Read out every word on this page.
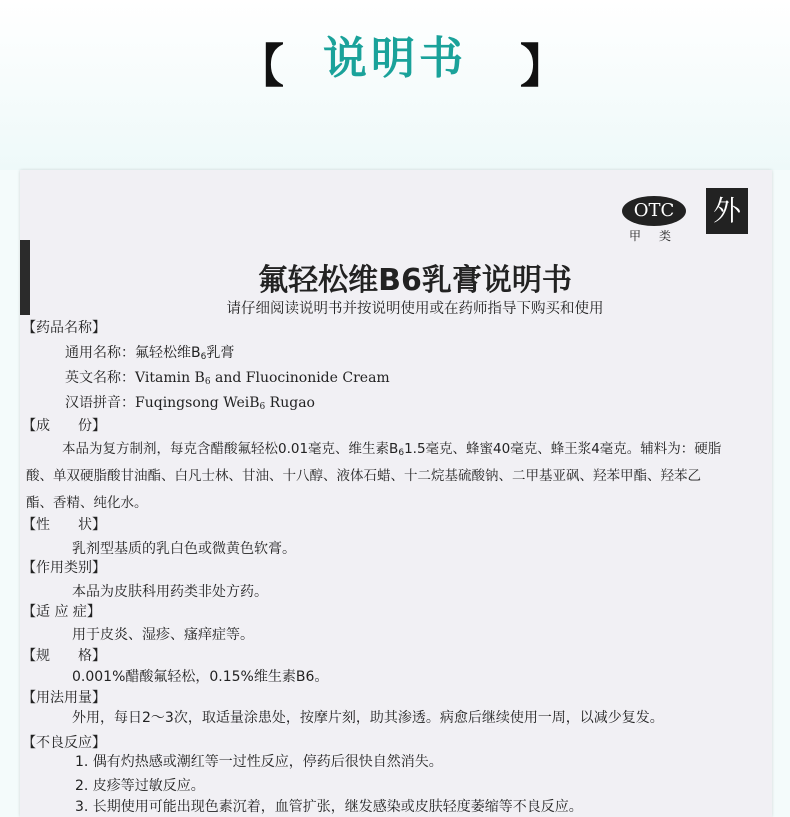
【 说明书	】
OTC
甲类
外
氟轻松维B6乳膏说明书
请仔细阅读说明书并按说明使用或在药师指导下购买和使用
【药品名称】
通用名称：氟轻松维B6乳膏
英文名称：Vitamin B6 and Fluocinonide Cream
汉语拼音：Fuqingsong WeiB6 Rugao
【成　　份】
本品为复方制剂，每克含醋酸氟轻松0.01毫克、维生素B61.5毫克、蜂蜜40毫克、蜂王浆4毫克。辅料为：硬脂
酸、单双硬脂酸甘油酯、白凡士林、甘油、十八醇、液体石蜡、十二烷基硫酸钠、二甲基亚砜、羟苯甲酯、羟苯乙
酯、香精、纯化水。
【性　　状】
乳剂型基质的乳白色或微黄色软膏。
【作用类别】
本品为皮肤科用药类非处方药。
【适 应 症】
用于皮炎、湿疹、瘙痒症等。
【规　　格】
0.001%醋酸氟轻松，0.15%维生素B6。
【用法用量】
外用，每日2～3次，取适量涂患处，按摩片刻，助其渗透。病愈后继续使用一周，以减少复发。
【不良反应】
1. 偶有灼热感或潮红等一过性反应，停药后很快自然消失。
2. 皮疹等过敏反应。
3. 长期使用可能出现色素沉着，血管扩张，继发感染或皮肤轻度萎缩等不良反应。
